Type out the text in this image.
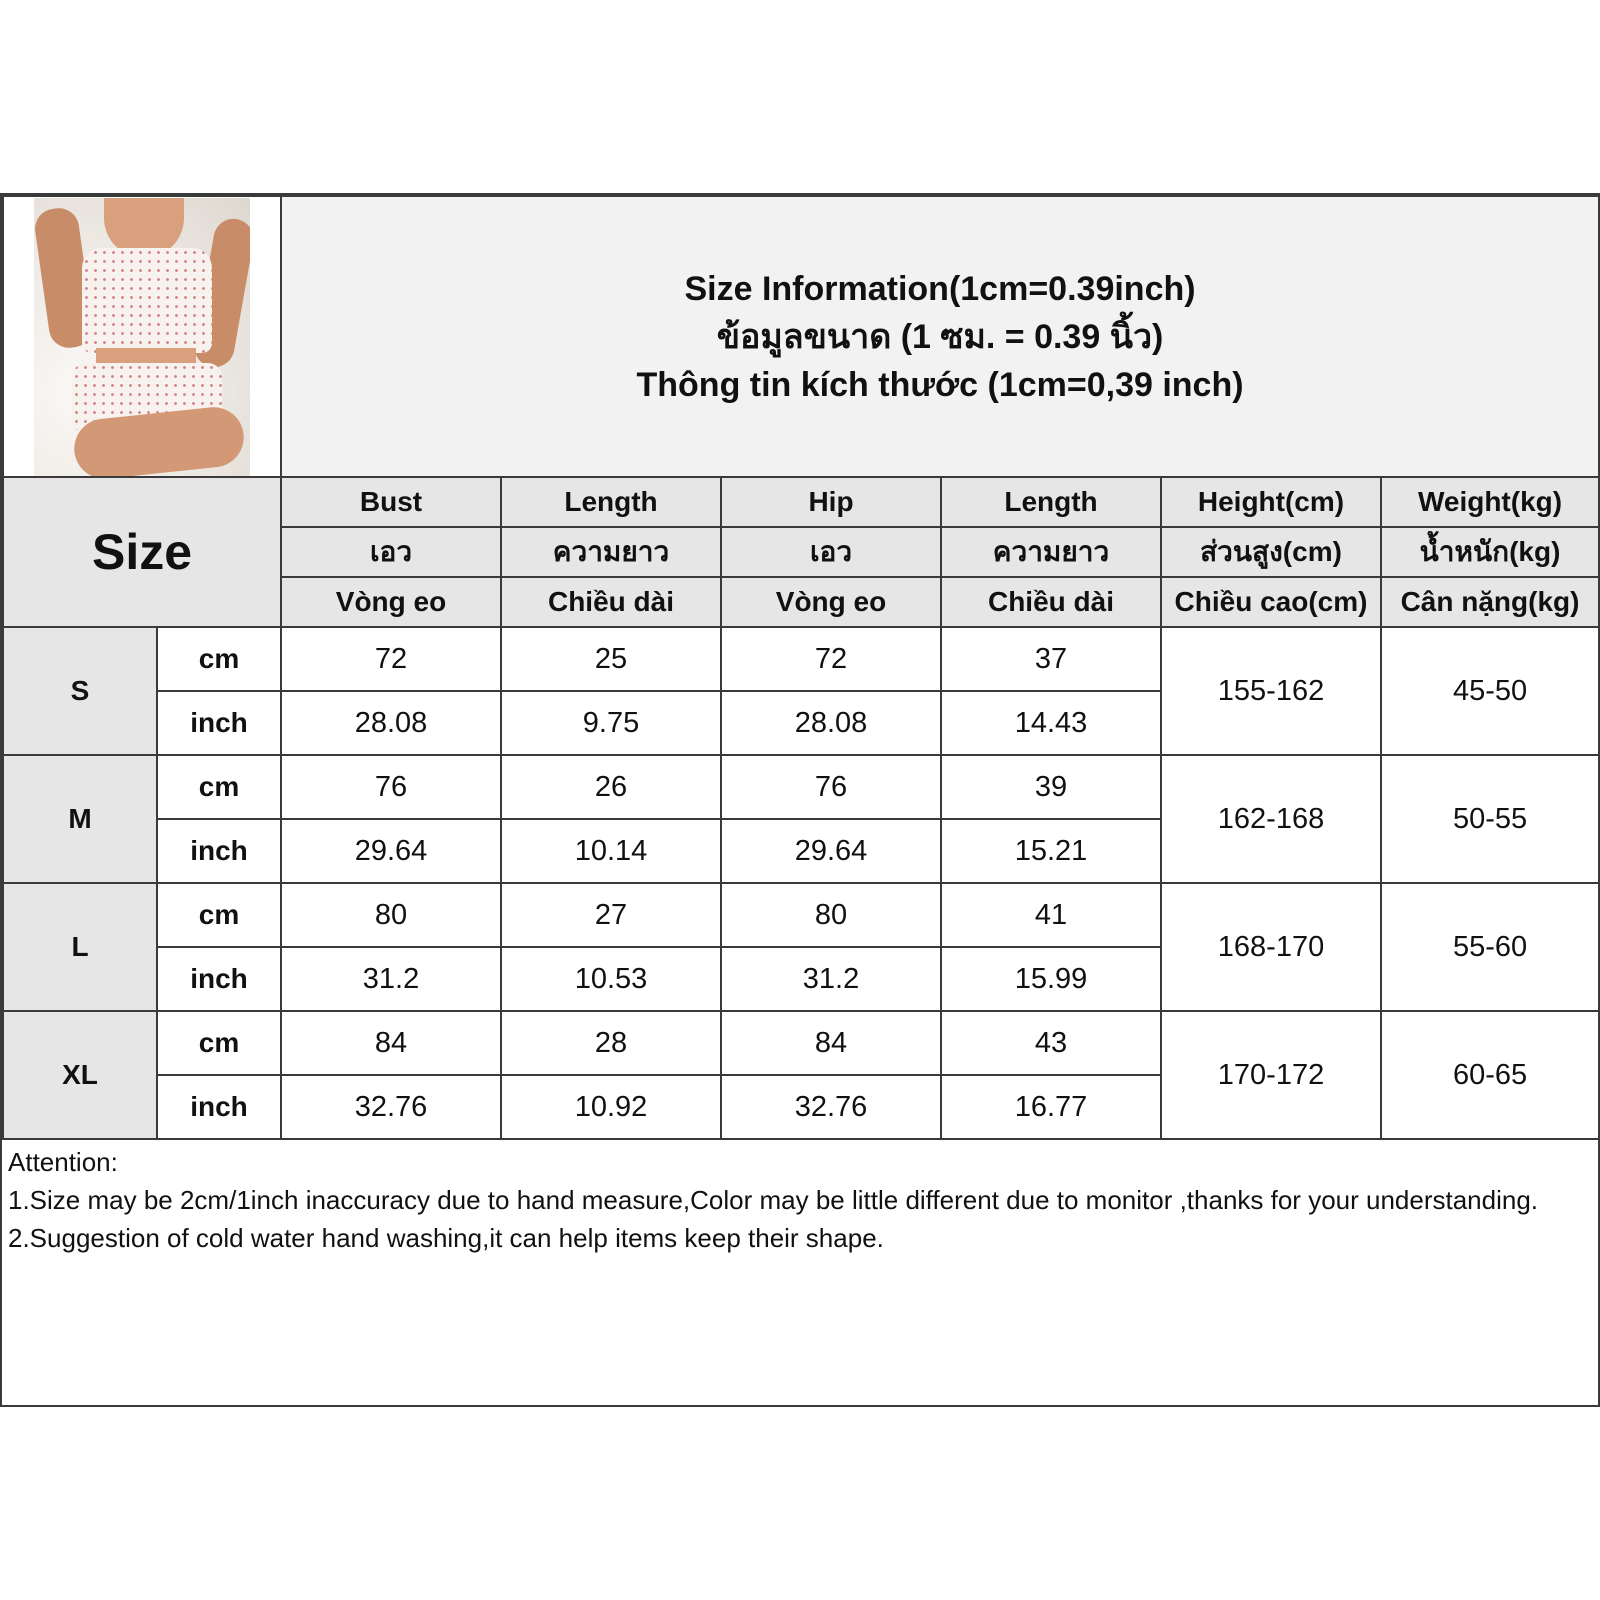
		Size Information(1cm=0.39inch)
ข้อมูลขนาด (1 ซม. = 0.39 นิ้ว)
Thông tin kích thước (1cm=0,39 inch)					

Size		Bust	Length	Hip	Length	Height(cm)	Weight(kg)
		เอว	ความยาว	เอว	ความยาว	ส่วนสูง(cm)	น้ำหนัก(kg)
		Vòng eo	Chiều dài	Vòng eo	Chiều dài	Chiều cao(cm)	Cân nặng(kg)
S	cm	72	25	72	37	155-162	45-50
	inch	28.08	9.75	28.08	14.43		
M	cm	76	26	76	39	162-168	50-55
	inch	29.64	10.14	29.64	15.21		
L	cm	80	27	80	41	168-170	55-60
	inch	31.2	10.53	31.2	15.99		
XL	cm	84	28	84	43	170-172	60-65
	inch	32.76	10.92	32.76	16.77		
Attention:
1.Size may be 2cm/1inch inaccuracy due to hand measure,Color may be little different due to monitor ,thanks for your understanding.
2.Suggestion of cold water hand washing,it can help items keep their shape.
